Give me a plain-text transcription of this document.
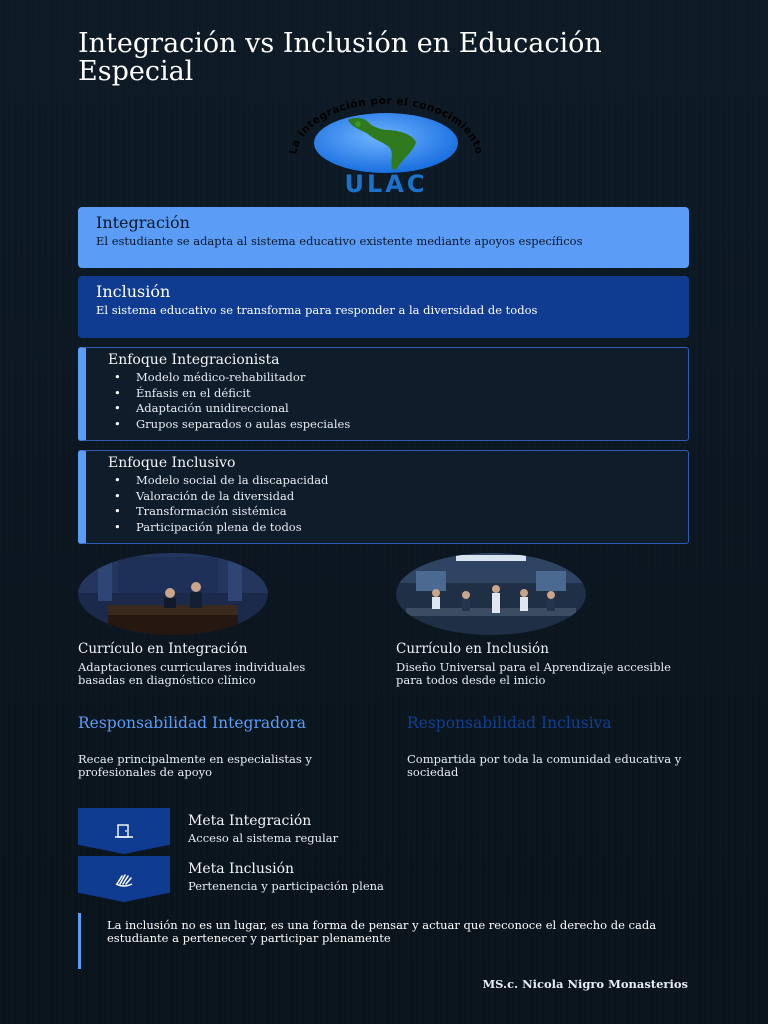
Integración vs Inclusión en Educación Especial
La integración por el conocimiento
ULAC
Integración

El estudiante se adapta al sistema educativo existente mediante apoyos específicos

Inclusión

El sistema educativo se transforma para responder a la diversidad de todos

Enfoque Integracionista
• Modelo médico-rehabilitador
• Énfasis en el déficit
• Adaptación unidireccional
• Grupos separados o aulas especiales
Enfoque Inclusivo
• Modelo social de la discapacidad
• Valoración de la diversidad
• Transformación sistémica
• Participación plena de todos
Currículo en Integración
Adaptaciones curriculares individuales basadas en diagnóstico clínico
Currículo en Inclusión
Diseño Universal para el Aprendizaje accesible para todos desde el inicio
Responsabilidad Integradora
Recae principalmente en especialistas y profesionales de apoyo
Responsabilidad Inclusiva
Compartida por toda la comunidad educativa y sociedad
Meta Integración
Acceso al sistema regular
Meta Inclusión
Pertenencia y participación plena
La inclusión no es un lugar, es una forma de pensar y actuar que reconoce el derecho de cada estudiante a pertenecer y participar plenamente
MS.c. Nicola Nigro Monasterios
